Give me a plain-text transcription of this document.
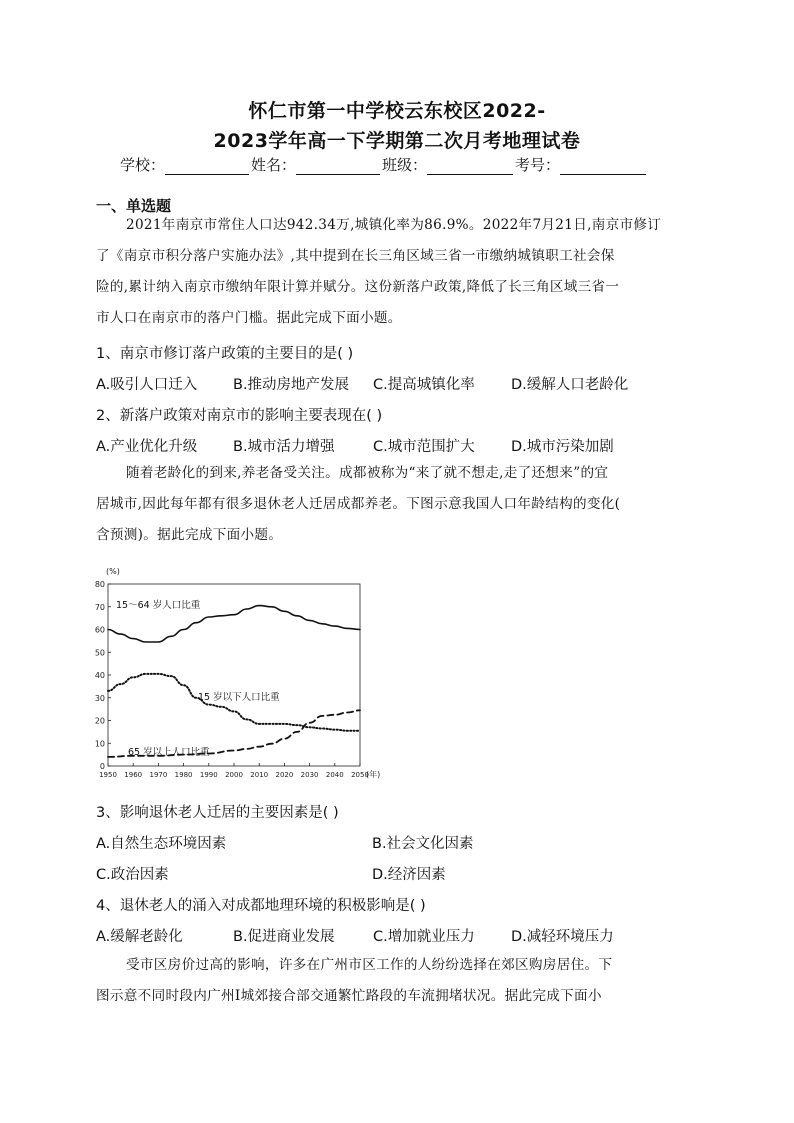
怀仁市第一中学校云东校区2022-
2023学年高一下学期第二次月考地理试卷
学校：	姓名：	班级：	考号：
一、单选题
2021年南京市常住人口达942.34万,城镇化率为86.9%。2022年7月21日,南京市修订
了《南京市积分落户实施办法》,其中提到在长三角区域三省一市缴纳城镇职工社会保
险的,累计纳入南京市缴纳年限计算并赋分。这份新落户政策,降低了长三角区域三省一
市人口在南京市的落户门槛。据此完成下面小题。
1、南京市修订落户政策的主要目的是( )
A.吸引人口迁入 B.推动房地产发展 C.提高城镇化率	D.缓解人口老龄化
2、新落户政策对南京市的影响主要表现在( )
A.产业优化升级 B.城市活力增强	C.城市范围扩大	D.城市污染加剧
随着老龄化的到来,养老备受关注。成都被称为“来了就不想走,走了还想来”的宜
居城市,因此每年都有很多退休老人迁居成都养老。下图示意我国人口年龄结构的变化(
含预测)。据此完成下面小题。
0
10
20
30
40
50
60
70
80
1950 1960 1970 1980 1990 2000 2010 2020 2030 2040 2050
(%)
(年)
15～64 岁人口比重
15 岁以下人口比重
65 岁以上人口比重
3、影响退休老人迁居的主要因素是( )
A.自然生态环境因素	B.社会文化因素
C.政治因素	D.经济因素
4、退休老人的涌入对成都地理环境的积极影响是( )
A.缓解老龄化	B.促进商业发展	C.增加就业压力	D.减轻环境压力
受市区房价过高的影响，许多在广州市区工作的人纷纷选择在郊区购房居住。下
图示意不同时段内广州Ⅰ城郊接合部交通繁忙路段的车流拥堵状况。据此完成下面小
